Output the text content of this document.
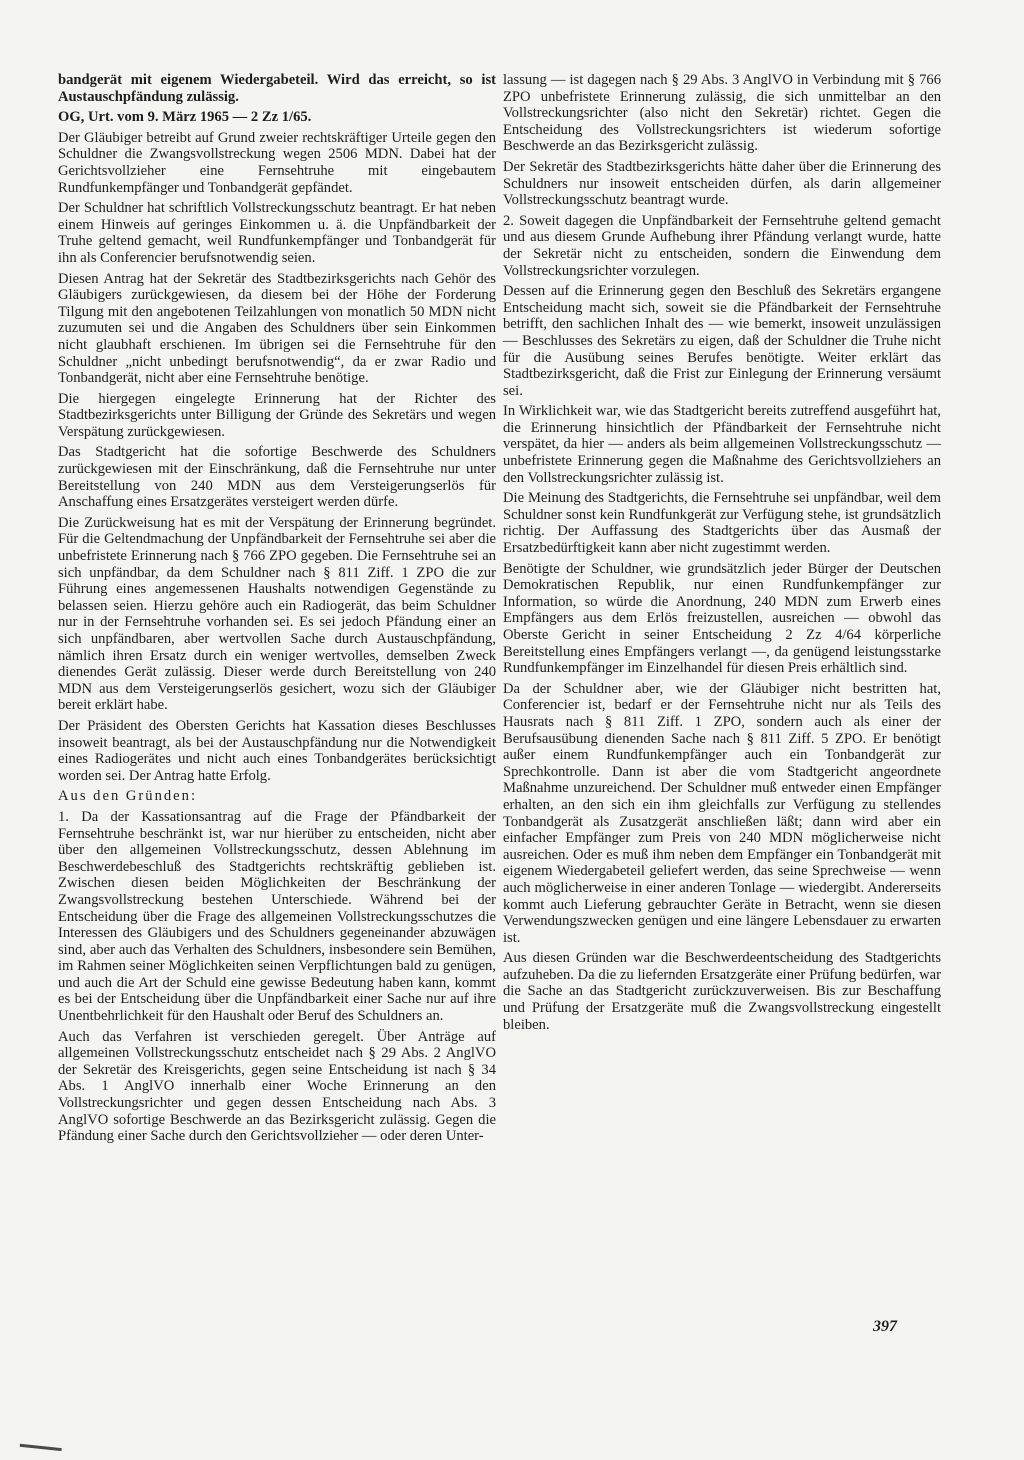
bandgerät mit eigenem Wiedergabeteil. Wird das erreicht, so ist Austauschpfändung zulässig.

OG, Urt. vom 9. März 1965 — 2 Zz 1/65.

Der Gläubiger betreibt auf Grund zweier rechtskräftiger Urteile gegen den Schuldner die Zwangsvollstreckung wegen 2506 MDN. Dabei hat der Gerichtsvollzieher eine Fernsehtruhe mit eingebautem Rundfunkempfänger und Tonbandgerät gepfändet.

Der Schuldner hat schriftlich Vollstreckungsschutz beantragt. Er hat neben einem Hinweis auf geringes Einkommen u. ä. die Unpfändbarkeit der Truhe geltend gemacht, weil Rundfunkempfänger und Tonbandgerät für ihn als Conferencier berufsnotwendig seien.

Diesen Antrag hat der Sekretär des Stadtbezirksgerichts nach Gehör des Gläubigers zurückgewiesen, da diesem bei der Höhe der Forderung Tilgung mit den angebotenen Teilzahlungen von monatlich 50 MDN nicht zuzumuten sei und die Angaben des Schuldners über sein Einkommen nicht glaubhaft erschienen. Im übrigen sei die Fernsehtruhe für den Schuldner „nicht unbedingt berufsnotwendig“, da er zwar Radio und Tonbandgerät, nicht aber eine Fernsehtruhe benötige.

Die hiergegen eingelegte Erinnerung hat der Richter des Stadtbezirksgerichts unter Billigung der Gründe des Sekretärs und wegen Verspätung zurückgewiesen.

Das Stadtgericht hat die sofortige Beschwerde des Schuldners zurückgewiesen mit der Einschränkung, daß die Fernsehtruhe nur unter Bereitstellung von 240 MDN aus dem Versteigerungserlös für Anschaffung eines Ersatzgerätes versteigert werden dürfe.

Die Zurückweisung hat es mit der Verspätung der Erinnerung begründet. Für die Geltendmachung der Unpfändbarkeit der Fernsehtruhe sei aber die unbefristete Erinnerung nach § 766 ZPO gegeben. Die Fernsehtruhe sei an sich unpfändbar, da dem Schuldner nach § 811 Ziff. 1 ZPO die zur Führung eines angemessenen Haushalts notwendigen Gegenstände zu belassen seien. Hierzu gehöre auch ein Radiogerät, das beim Schuldner nur in der Fernsehtruhe vorhanden sei. Es sei jedoch Pfändung einer an sich unpfändbaren, aber wertvollen Sache durch Austauschpfändung, nämlich ihren Ersatz durch ein weniger wertvolles, demselben Zweck dienendes Gerät zulässig. Dieser werde durch Bereitstellung von 240 MDN aus dem Versteigerungserlös gesichert, wozu sich der Gläubiger bereit erklärt habe.

Der Präsident des Obersten Gerichts hat Kassation dieses Beschlusses insoweit beantragt, als bei der Austauschpfändung nur die Notwendigkeit eines Radiogerätes und nicht auch eines Tonbandgerätes berücksichtigt worden sei. Der Antrag hatte Erfolg.

Aus den Gründen:

1. Da der Kassationsantrag auf die Frage der Pfändbarkeit der Fernsehtruhe beschränkt ist, war nur hierüber zu entscheiden, nicht aber über den allgemeinen Vollstreckungsschutz, dessen Ablehnung im Beschwerdebeschluß des Stadtgerichts rechtskräftig geblieben ist. Zwischen diesen beiden Möglichkeiten der Beschränkung der Zwangsvollstreckung bestehen Unterschiede. Während bei der Entscheidung über die Frage des allgemeinen Vollstreckungsschutzes die Interessen des Gläubigers und des Schuldners gegeneinander abzuwägen sind, aber auch das Verhalten des Schuldners, insbesondere sein Bemühen, im Rahmen seiner Möglichkeiten seinen Verpflichtungen bald zu genügen, und auch die Art der Schuld eine gewisse Bedeutung haben kann, kommt es bei der Entscheidung über die Unpfändbarkeit einer Sache nur auf ihre Unentbehrlichkeit für den Haushalt oder Beruf des Schuldners an.

Auch das Verfahren ist verschieden geregelt. Über Anträge auf allgemeinen Vollstreckungsschutz entscheidet nach § 29 Abs. 2 AnglVO der Sekretär des Kreisgerichts, gegen seine Entscheidung ist nach § 34 Abs. 1 AnglVO innerhalb einer Woche Erinnerung an den Vollstreckungsrichter und gegen dessen Entscheidung nach Abs. 3 AnglVO sofortige Beschwerde an das Bezirksgericht zulässig. Gegen die Pfändung einer Sache durch den Gerichtsvollzieher — oder deren Unter-

lassung — ist dagegen nach § 29 Abs. 3 AnglVO in Verbindung mit § 766 ZPO unbefristete Erinnerung zulässig, die sich unmittelbar an den Vollstreckungsrichter (also nicht den Sekretär) richtet. Gegen die Entscheidung des Vollstreckungsrichters ist wiederum sofortige Beschwerde an das Bezirksgericht zulässig.

Der Sekretär des Stadtbezirksgerichts hätte daher über die Erinnerung des Schuldners nur insoweit entscheiden dürfen, als darin allgemeiner Vollstreckungsschutz beantragt wurde.

2. Soweit dagegen die Unpfändbarkeit der Fernsehtruhe geltend gemacht und aus diesem Grunde Aufhebung ihrer Pfändung verlangt wurde, hatte der Sekretär nicht zu entscheiden, sondern die Einwendung dem Vollstreckungsrichter vorzulegen.

Dessen auf die Erinnerung gegen den Beschluß des Sekretärs ergangene Entscheidung macht sich, soweit sie die Pfändbarkeit der Fernsehtruhe betrifft, den sachlichen Inhalt des — wie bemerkt, insoweit unzulässigen — Beschlusses des Sekretärs zu eigen, daß der Schuldner die Truhe nicht für die Ausübung seines Berufes benötigte. Weiter erklärt das Stadtbezirksgericht, daß die Frist zur Einlegung der Erinnerung versäumt sei.

In Wirklichkeit war, wie das Stadtgericht bereits zutreffend ausgeführt hat, die Erinnerung hinsichtlich der Pfändbarkeit der Fernsehtruhe nicht verspätet, da hier — anders als beim allgemeinen Vollstreckungsschutz — unbefristete Erinnerung gegen die Maßnahme des Gerichtsvollziehers an den Vollstreckungsrichter zulässig ist.

Die Meinung des Stadtgerichts, die Fernsehtruhe sei unpfändbar, weil dem Schuldner sonst kein Rundfunkgerät zur Verfügung stehe, ist grundsätzlich richtig. Der Auffassung des Stadtgerichts über das Ausmaß der Ersatzbedürftigkeit kann aber nicht zugestimmt werden.

Benötigte der Schuldner, wie grundsätzlich jeder Bürger der Deutschen Demokratischen Republik, nur einen Rundfunkempfänger zur Information, so würde die Anordnung, 240 MDN zum Erwerb eines Empfängers aus dem Erlös freizustellen, ausreichen — obwohl das Oberste Gericht in seiner Entscheidung 2 Zz 4/64 körperliche Bereitstellung eines Empfängers verlangt —, da genügend leistungsstarke Rundfunkempfänger im Einzelhandel für diesen Preis erhältlich sind.

Da der Schuldner aber, wie der Gläubiger nicht bestritten hat, Conferencier ist, bedarf er der Fernsehtruhe nicht nur als Teils des Hausrats nach § 811 Ziff. 1 ZPO, sondern auch als einer der Berufsausübung dienenden Sache nach § 811 Ziff. 5 ZPO. Er benötigt außer einem Rundfunkempfänger auch ein Tonbandgerät zur Sprechkontrolle. Dann ist aber die vom Stadtgericht angeordnete Maßnahme unzureichend. Der Schuldner muß entweder einen Empfänger erhalten, an den sich ein ihm gleichfalls zur Verfügung zu stellendes Tonbandgerät als Zusatzgerät anschließen läßt; dann wird aber ein einfacher Empfänger zum Preis von 240 MDN möglicherweise nicht ausreichen. Oder es muß ihm neben dem Empfänger ein Tonbandgerät mit eigenem Wiedergabeteil geliefert werden, das seine Sprechweise — wenn auch möglicherweise in einer anderen Tonlage — wiedergibt. Andererseits kommt auch Lieferung gebrauchter Geräte in Betracht, wenn sie diesen Verwendungszwecken genügen und eine längere Lebensdauer zu erwarten ist.

Aus diesen Gründen war die Beschwerdeentscheidung des Stadtgerichts aufzuheben. Da die zu liefernden Ersatzgeräte einer Prüfung bedürfen, war die Sache an das Stadtgericht zurückzuverweisen. Bis zur Beschaffung und Prüfung der Ersatzgeräte muß die Zwangsvollstreckung eingestellt bleiben.

397
